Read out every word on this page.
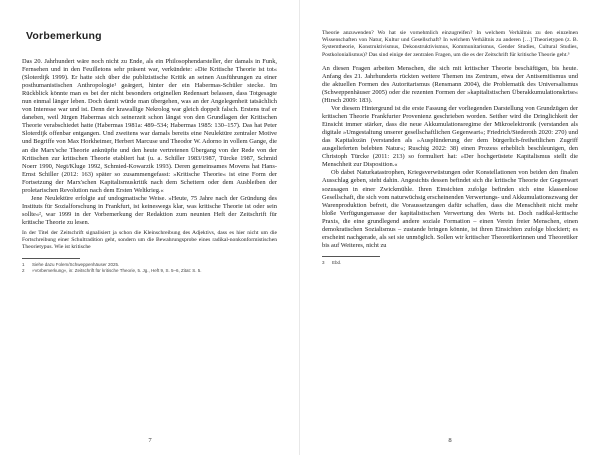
Vorbemerkung

Das 20. Jahrhundert wäre noch nicht zu Ende, als ein Philosophendarsteller, der damals in Funk, Fernsehen und in den Feuilletons sehr präsent war, verkündete: »Die Kritische Theorie ist tot« (Sloterdijk 1999). Er hatte sich über die publizistische Kritik an seinen Ausführungen zu einer posthumanistischen Anthropologie¹ geärgert, hinter der ein Habermas-Schüler stecke. Im Rückblick könnte man es bei der nicht besonders originellen Redensart belassen, dass Totgesagte nun einmal länger leben. Doch damit würde man übergehen, was an der Angelegenheit tatsächlich von Interesse war und ist. Denn der krawallige Nekrolog war gleich doppelt falsch. Erstens traf er daneben, weil Jürgen Habermas sich seinerzeit schon längst von den Grundlagen der Kritischen Theorie verabschiedet hatte (Habermas 1981a: 489–534; Habermas 1985: 130–157). Das hat Peter Sloterdijk offenbar entgangen. Und zweitens war damals bereits eine Neulektüre zentraler Motive und Begriffe von Max Horkheimer, Herbert Marcuse und Theodor W. Adorno in vollem Gange, die an die Marx'sche Theorie anknüpfte und den heute vertretenen Übergang von der Rede von der Kritischen zur kritischen Theorie etabliert hat (u. a. Schiller 1983/1987, Türcke 1987, Schmid Noerr 1990, Negt/Kluge 1992, Schmied-Kowarzik 1993). Deren gemeinsames Movens hat Hans-Ernst Schiller (2012: 163) später so zusammengefasst: »Kritische Theorie« ist eine Form der Fortsetzung der Marx'schen Kapitalismuskritik nach dem Scheitern oder dem Ausbleiben der proletarischen Revolution nach dem Ersten Weltkrieg.«

Jene Neulektüre erfolgte auf undogmatische Weise. »Heute, 75 Jahre nach der Gründung des Instituts für Sozialforschung in Frankfurt, ist keineswegs klar, was kritische Theorie ist oder sein sollte«², war 1999 in der Vorbemerkung der Redaktion zum neunten Heft der Zeitschrift für kritische Theorie zu lesen.

In der Titel der Zeitschrift signalisiert ja schon die Kleinschreibung des Adjektivs, dass es hier nicht um die Fortschreibung einer Schultradition geht, sondern um die Bewahrungsprobe eines radikal-nonkonformistischen Theorietypus. Wie ist kritische
1	Siehe dazu Folem/Schweppenhäuser 2025.
2	»Vorbemerkung«, in: Zeitschrift für kritische Theorie, 5. Jg., Heft 9, S. 5–6, Zitat: S. 5.
7
Theorie anzuwenden? Wo hat sie vornehmlich einzugreifen? In welchem Verhältnis zu den einzelnen Wissenschaften von Natur, Kultur und Gesellschaft? In welchem Verhältnis zu anderen […] Theorietypen (z. B. Systemtheorie, Konstruktivismus, Dekonstruktivismus, Kommunitarismus, Gender Studies, Cultural Studies, Postkolonialismus)? Das sind einige der zentralen Fragen, um die es der Zeitschrift für kritische Theorie geht.³

An diesen Fragen arbeiten Menschen, die sich mit kritischer Theorie beschäftigen, bis heute. Anfang des 21. Jahrhunderts rückten weitere Themen ins Zentrum, etwa der Antisemitismus und die aktuellen Formen des Autoritarismus (Rensmann 2004), die Problematik des Universalismus (Schweppenhäuser 2005) oder die rezenten Formen der »kapitalistischen Überakkumulationskrise« (Hirsch 2009: 183).

Vor diesem Hintergrund ist die erste Fassung der vorliegenden Darstellung von Grundzügen der kritischen Theorie Frankfurter Provenienz geschrieben worden. Seither wird die Dringlichkeit der Einsicht immer stärker, dass die neue Akkumulationsregime der Mikroelektronik (verstanden als digitale »Umgestaltung unserer gesellschaftlichen Gegenwart«; Friedrich/Stederoth 2020: 270) und das Kapitalozän (verstanden als »Ausplünderung der dem bürgerlich-freiheitlichen Zugriff ausgelieferten belebten Natur«; Ruschig 2022: 38) einen Prozess erheblich beschleunigen, den Christoph Türcke (2011: 213) so formuliert hat: »Der hochgerüstete Kapitalismus stellt die Menschheit zur Disposition.«

Ob dabei Naturkatastrophen, Kriegsverwüstungen oder Konstellationen von beiden den finalen Ausschlag geben, steht dahin. Angesichts dessen befindet sich die kritische Theorie der Gegenwart sozusagen in einer Zwickmühle. Ihren Einsichten zufolge befinden sich eine klassenlose Gesellschaft, die sich vom naturwüchsig erscheinenden Verwertungs- und Akkumulationszwang der Warenproduktion befreit, die Voraussetzungen dafür schaffen, dass die Menschheit nicht mehr bloße Verfügungsmasse der kapitalistischen Verwertung des Werts ist. Doch radikal-kritische Praxis, die eine grundlegend andere soziale Formation – einen Verein freier Menschen, einen demokratischen Sozialismus – zustande bringen könnte, ist ihren Einsichten zufolge blockiert; es erscheint nachgerade, als sei sie unmöglich. Sollen wir kritischer Theoretikerinnen und Theoretiker bis auf Weiteres, nicht zu

3	Ebd.
8
